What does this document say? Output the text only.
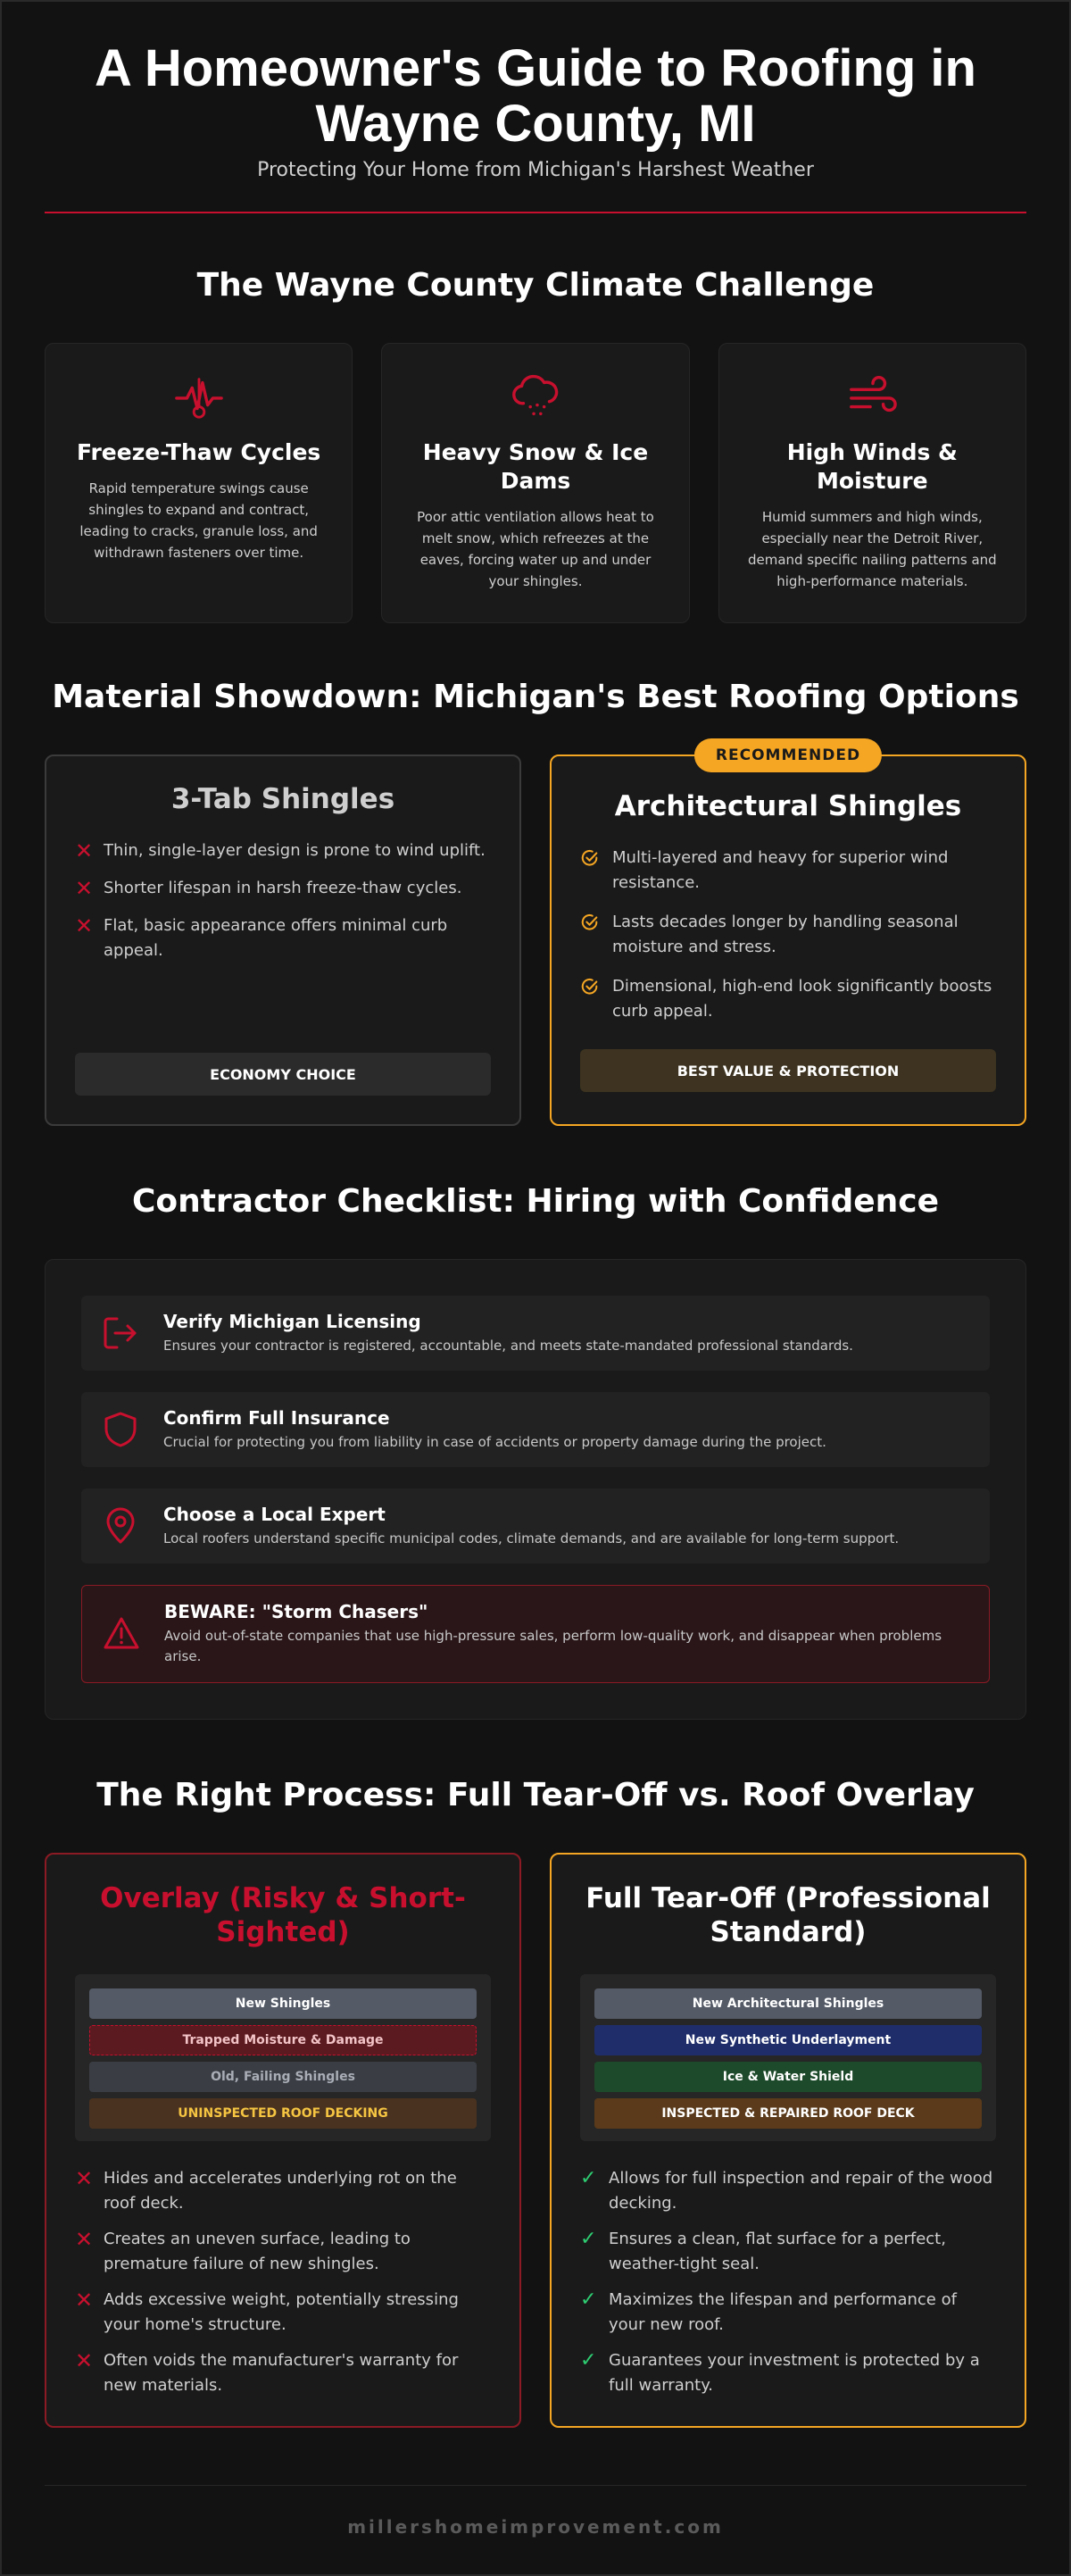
A Homeowner's Guide to Roofing in Wayne County, MI

Protecting Your Home from Michigan's Harshest Weather

The Wayne County Climate Challenge
Freeze-Thaw Cycles

Rapid temperature swings cause shingles to expand and contract, leading to cracks, granule loss, and withdrawn fasteners over time.

Heavy Snow & Ice Dams

Poor attic ventilation allows heat to melt snow, which refreezes at the eaves, forcing water up and under your shingles.

High Winds & Moisture

Humid summers and high winds, especially near the Detroit River, demand specific nailing patterns and high-performance materials.

Material Showdown: Michigan's Best Roofing Options
3-Tab Shingles
✕ Thin, single-layer design is prone to wind uplift.
✕ Shorter lifespan in harsh freeze-thaw cycles.
✕ Flat, basic appearance offers minimal curb appeal.
ECONOMY CHOICE
RECOMMENDED
Architectural Shingles
Multi-layered and heavy for superior wind resistance.
Lasts decades longer by handling seasonal moisture and stress.
Dimensional, high-end look significantly boosts curb appeal.
BEST VALUE & PROTECTION
Contractor Checklist: Hiring with Confidence
Verify Michigan Licensing

Ensures your contractor is registered, accountable, and meets state-mandated professional standards.

Confirm Full Insurance

Crucial for protecting you from liability in case of accidents or property damage during the project.

Choose a Local Expert

Local roofers understand specific municipal codes, climate demands, and are available for long-term support.

BEWARE: "Storm Chasers"

Avoid out-of-state companies that use high-pressure sales, perform low-quality work, and disappear when problems arise.

The Right Process: Full Tear-Off vs. Roof Overlay
Overlay (Risky & Short-Sighted)
New Shingles
Trapped Moisture & Damage
Old, Failing Shingles
UNINSPECTED ROOF DECKING
✕ Hides and accelerates underlying rot on the roof deck.
✕ Creates an uneven surface, leading to premature failure of new shingles.
✕ Adds excessive weight, potentially stressing your home's structure.
✕ Often voids the manufacturer's warranty for new materials.
Full Tear-Off (Professional Standard)
New Architectural Shingles
New Synthetic Underlayment
Ice & Water Shield
INSPECTED & REPAIRED ROOF DECK
✓ Allows for full inspection and repair of the wood decking.
✓ Ensures a clean, flat surface for a perfect, weather-tight seal.
✓ Maximizes the lifespan and performance of your new roof.
✓ Guarantees your investment is protected by a full warranty.
millershomeimprovement.com
